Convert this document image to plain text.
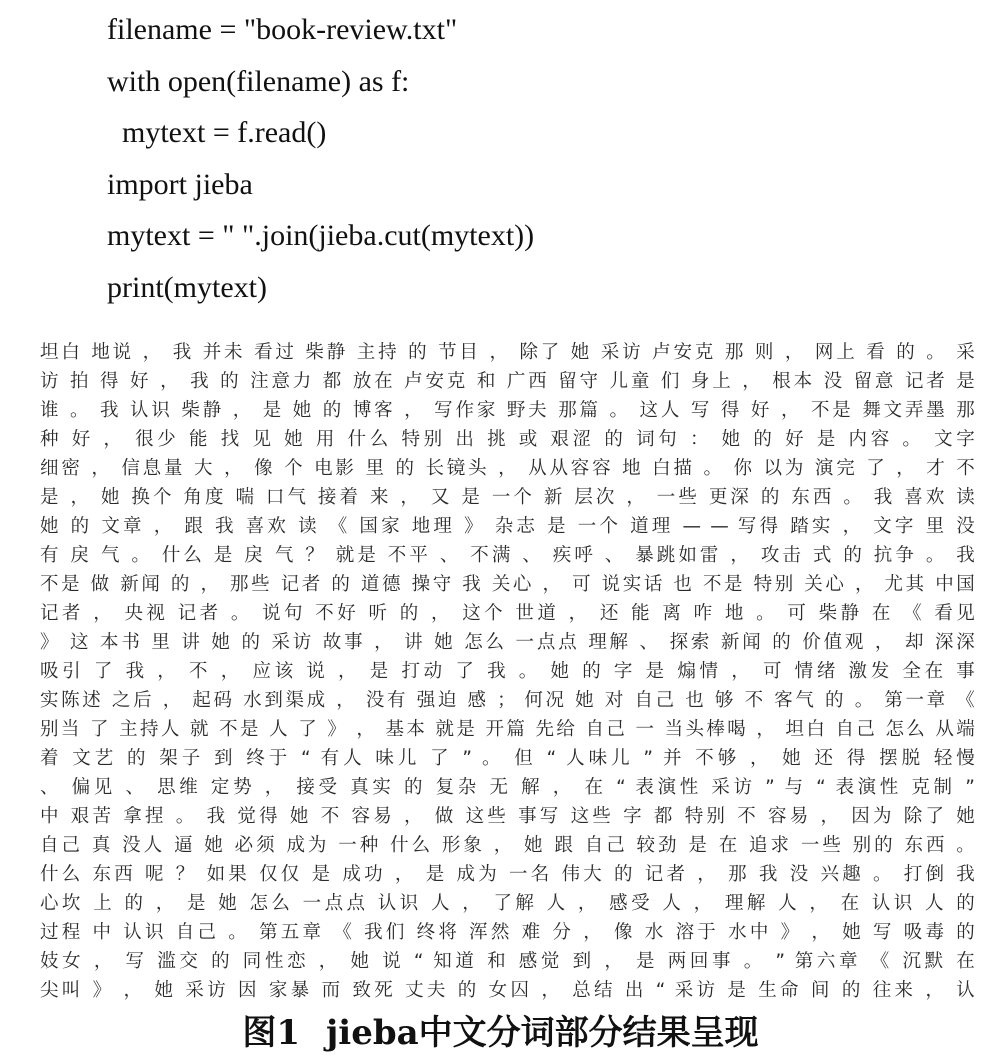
filename = "book-review.txt"
with open(filename) as f:
mytext = f.read()
import jieba
mytext = " ".join(jieba.cut(mytext))
print(mytext)
坦白 地说 ， 我 并未 看过 柴静 主持 的 节目 ， 除了 她 采访 卢安克 那 则 ， 网上 看 的 。 采
访 拍 得 好 ， 我 的 注意力 都 放在 卢安克 和 广西 留守 儿童 们 身上 ， 根本 没 留意 记者 是
谁 。 我 认识 柴静 ， 是 她 的 博客 ， 写作家 野夫 那篇 。 这人 写 得 好 ， 不是 舞文弄墨 那
种 好 ， 很少 能 找 见 她 用 什么 特别 出 挑 或 艰涩 的 词句 ： 她 的 好 是 内容 。 文字
细密 ， 信息量 大 ， 像 个 电影 里 的 长镜头 ， 从从容容 地 白描 。 你 以为 演完 了 ， 才 不
是 ， 她 换个 角度 喘 口气 接着 来 ， 又 是 一个 新 层次 ， 一些 更深 的 东西 。 我 喜欢 读
她 的 文章 ， 跟 我 喜欢 读 《 国家 地理 》 杂志 是 一个 道理 — — 写得 踏实 ， 文字 里 没
有 戾 气 。 什么 是 戾 气 ？ 就是 不平 、 不满 、 疾呼 、 暴跳如雷 ， 攻击 式 的 抗争 。 我
不是 做 新闻 的 ， 那些 记者 的 道德 操守 我 关心 ， 可 说实话 也 不是 特别 关心 ， 尤其 中国
记者 ， 央视 记者 。 说句 不好 听 的 ， 这个 世道 ， 还 能 离 咋 地 。 可 柴静 在 《 看见
》 这 本书 里 讲 她 的 采访 故事 ， 讲 她 怎么 一点点 理解 、 探索 新闻 的 价值观 ， 却 深深
吸引 了 我 ， 不 ， 应该 说 ， 是 打动 了 我 。 她 的 字 是 煽情 ， 可 情绪 激发 全在 事
实陈述 之后 ， 起码 水到渠成 ， 没有 强迫 感 ； 何况 她 对 自己 也 够 不 客气 的 。 第一章 《
别当 了 主持人 就 不是 人 了 》 ， 基本 就是 开篇 先给 自己 一 当头棒喝 ， 坦白 自己 怎么 从端
着 文艺 的 架子 到 终于 “ 有人 味儿 了 ” 。 但 “ 人味儿 ” 并 不够 ， 她 还 得 摆脱 轻慢
、 偏见 、 思维 定势 ， 接受 真实 的 复杂 无 解 ， 在 “ 表演性 采访 ” 与 “ 表演性 克制 ”
中 艰苦 拿捏 。 我 觉得 她 不 容易 ， 做 这些 事写 这些 字 都 特别 不 容易 ， 因为 除了 她
自己 真 没人 逼 她 必须 成为 一种 什么 形象 ， 她 跟 自己 较劲 是 在 追求 一些 别的 东西 。
什么 东西 呢 ？ 如果 仅仅 是 成功 ， 是 成为 一名 伟大 的 记者 ， 那 我 没 兴趣 。 打倒 我
心坎 上 的 ， 是 她 怎么 一点点 认识 人 ， 了解 人 ， 感受 人 ， 理解 人 ， 在 认识 人 的
过程 中 认识 自己 。 第五章 《 我们 终将 浑然 难 分 ， 像 水 溶于 水中 》 ， 她 写 吸毒 的
妓女 ， 写 滥交 的 同性恋 ， 她 说 “ 知道 和 感觉 到 ， 是 两回事 。 ” 第六章 《 沉默 在
尖叫 》 ， 她 采访 因 家暴 而 致死 丈夫 的 女囚 ， 总结 出 “ 采访 是 生命 间 的 往来 ， 认
图1 jieba中文分词部分结果呈现
